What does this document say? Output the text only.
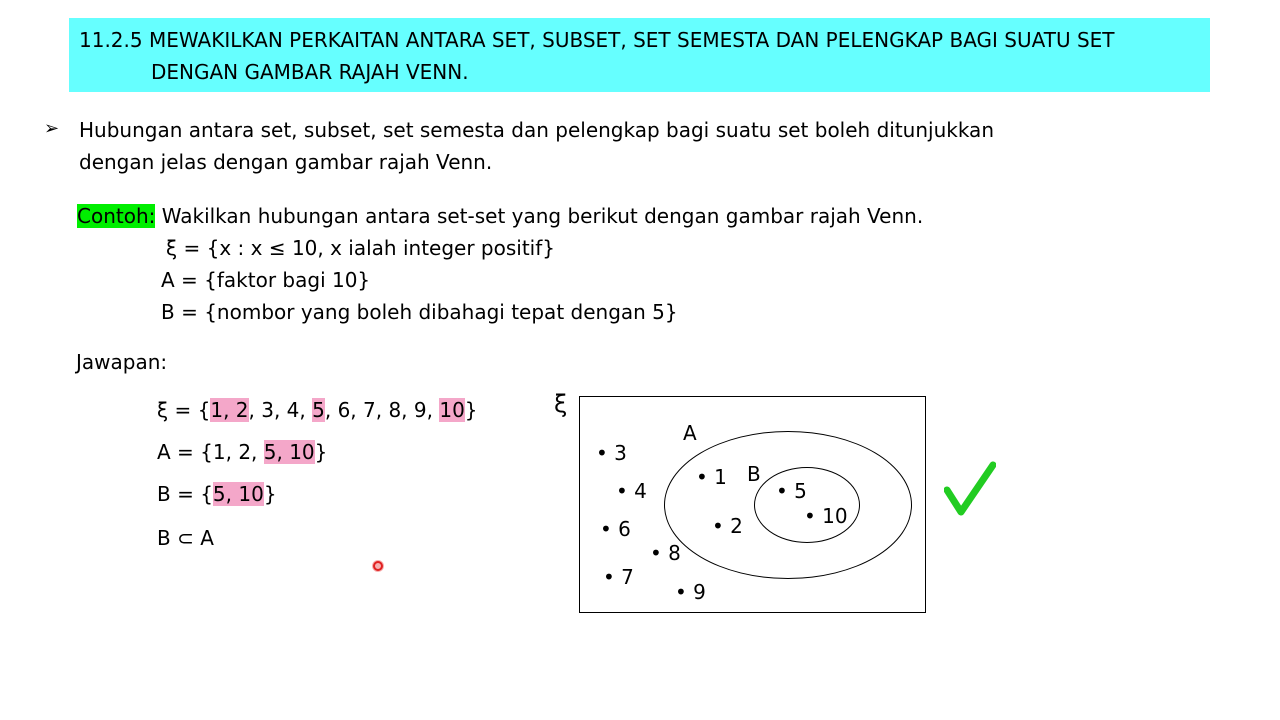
11.2.5 MEWAKILKAN PERKAITAN ANTARA SET, SUBSET, SET SEMESTA DAN PELENGKAP BAGI SUATU SET
DENGAN GAMBAR RAJAH VENN.
➢ Hubungan antara set, subset, set semesta dan pelengkap bagi suatu set boleh ditunjukkan
dengan jelas dengan gambar rajah Venn.
Contoh: Wakilkan hubungan antara set-set yang berikut dengan gambar rajah Venn.
ξ = {x : x ≤ 10, x ialah integer positif}
A = {faktor bagi 10}
B = {nombor yang boleh dibahagi tepat dengan 5}
Jawapan:
ξ = {1, 2, 3, 4, 5, 6, 7, 8, 9, 10}
A = {1, 2, 5, 10}
B = {5, 10}
B ⊂ A
ξ
A
B
• 3
• 4
• 6
• 7
• 8
• 9
• 1
• 2
• 5
• 10
